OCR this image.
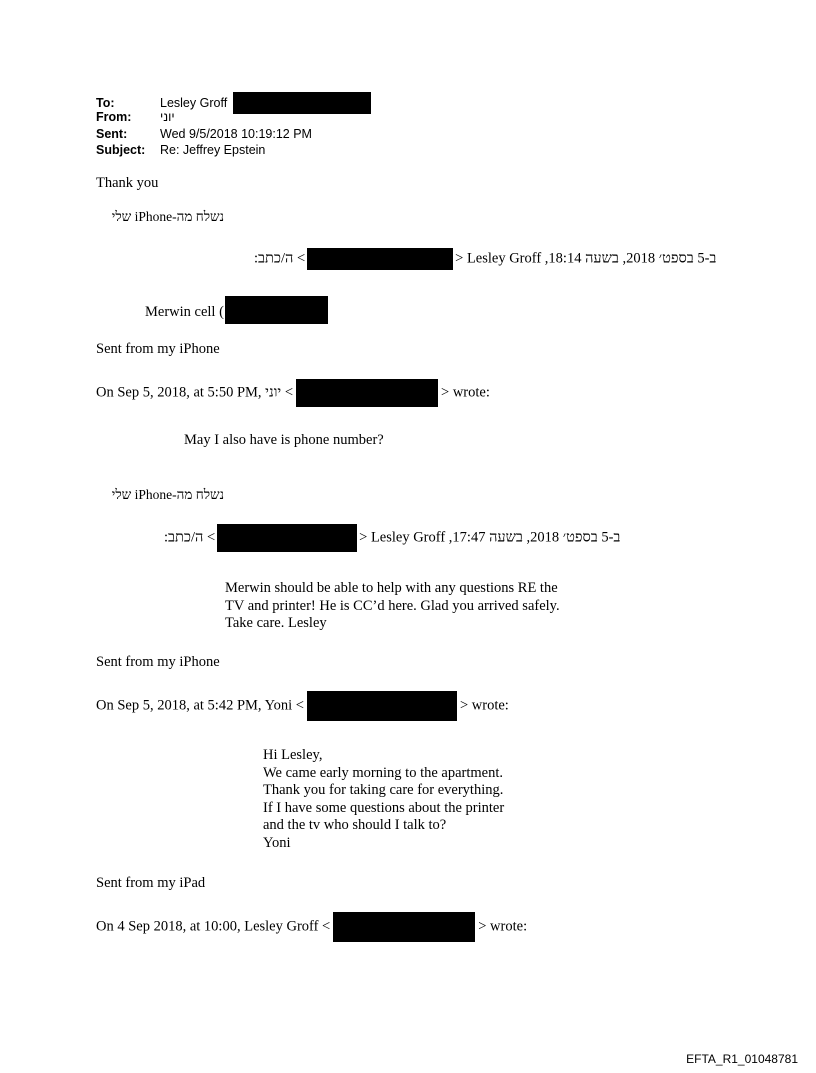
To:	Lesley Groff
From: יוני
Sent:	Wed 9/5/2018 10:19:12 PM
Subject: Re: Jeffrey Epstein
Thank you
נשלח מה-iPhone שלי
ב-5 בספט׳ 2018, בשעה 18:14, Lesley Groff <> ה/כתב:
Merwin cell (
Sent from my iPhone
On Sep 5, 2018, at 5:50 PM, יוני <	> wrote:
May I also have is phone number?
נשלח מה-iPhone שלי
ב-5 בספט׳ 2018, בשעה 17:47, Lesley Groff <> ה/כתב:
Merwin should be able to help with any questions RE the
TV and printer! He is CC’d here. Glad you arrived safely.
Take care. Lesley
Sent from my iPhone
On Sep 5, 2018, at 5:42 PM, Yoni <	> wrote:
Hi Lesley,
We came early morning to the apartment.
Thank you for taking care for everything.
If I have some questions about the printer
and the tv who should I talk to?
Yoni
Sent from my iPad
On 4 Sep 2018, at 10:00, Lesley Groff <	> wrote:
EFTA_R1_01048781
